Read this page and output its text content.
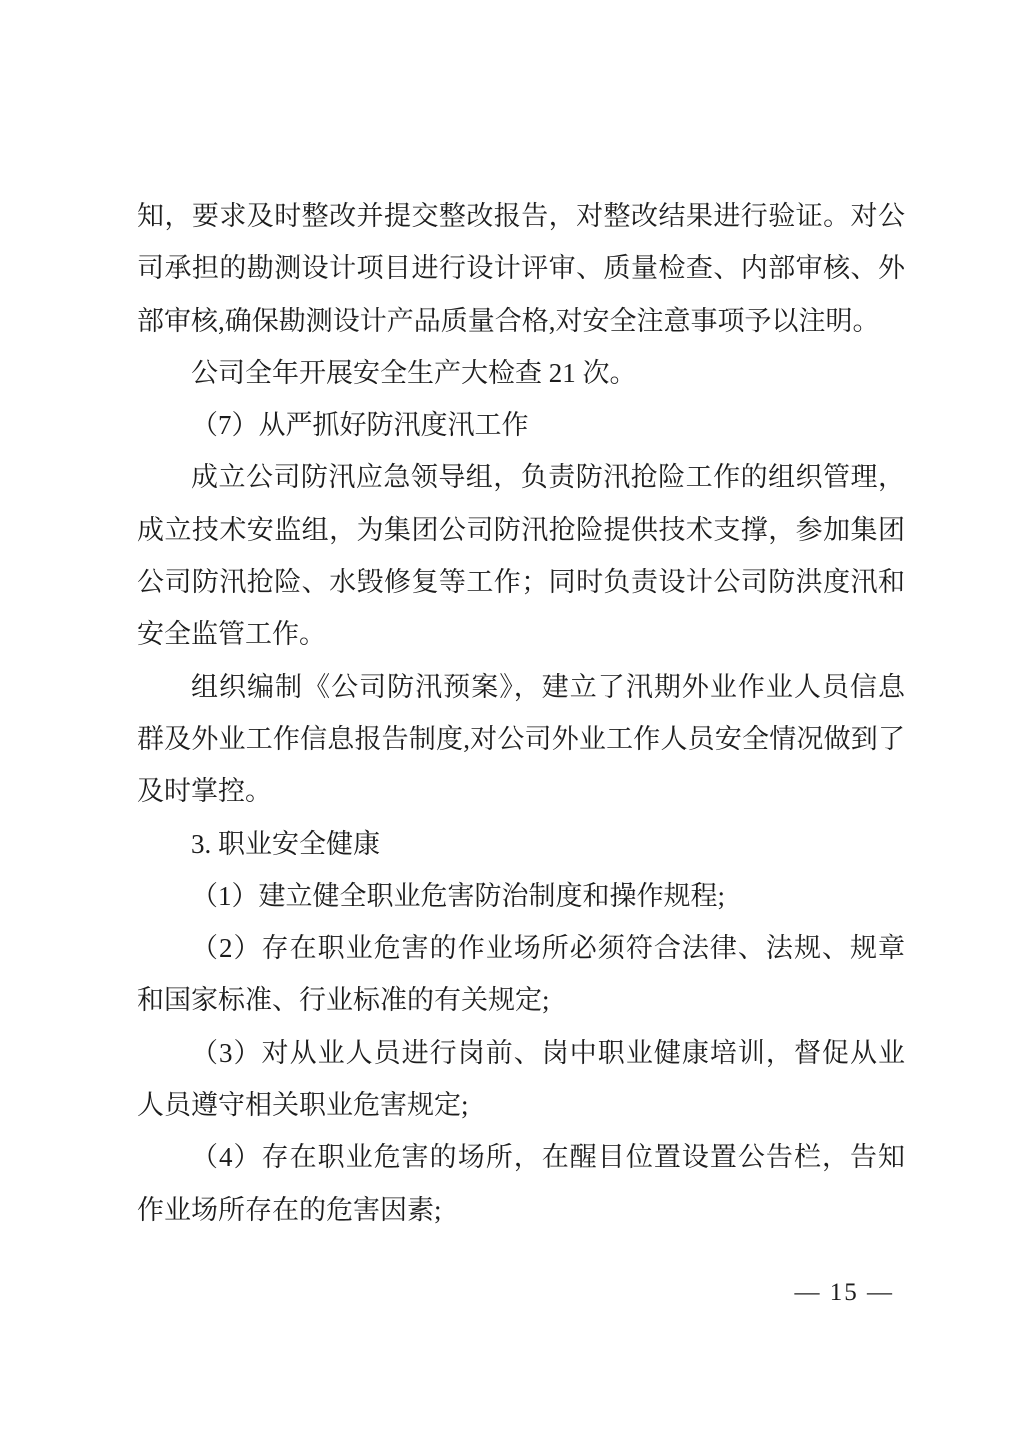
知，要求及时整改并提交整改报告，对整改结果进行验证。对公司承担的勘测设计项目进行设计评审、质量检查、内部审核、外部审核,确保勘测设计产品质量合格,对安全注意事项予以注明。

公司全年开展安全生产大检查 21 次。

（7）从严抓好防汛度汛工作

成立公司防汛应急领导组，负责防汛抢险工作的组织管理，成立技术安监组，为集团公司防汛抢险提供技术支撑，参加集团公司防汛抢险、水毁修复等工作；同时负责设计公司防洪度汛和安全监管工作。

组织编制《公司防汛预案》，建立了汛期外业作业人员信息群及外业工作信息报告制度,对公司外业工作人员安全情况做到了及时掌控。

3. 职业安全健康

（1）建立健全职业危害防治制度和操作规程;

（2）存在职业危害的作业场所必须符合法律、法规、规章和国家标准、行业标准的有关规定;

（3）对从业人员进行岗前、岗中职业健康培训，督促从业人员遵守相关职业危害规定;

（4）存在职业危害的场所，在醒目位置设置公告栏，告知作业场所存在的危害因素;

— 15 —
